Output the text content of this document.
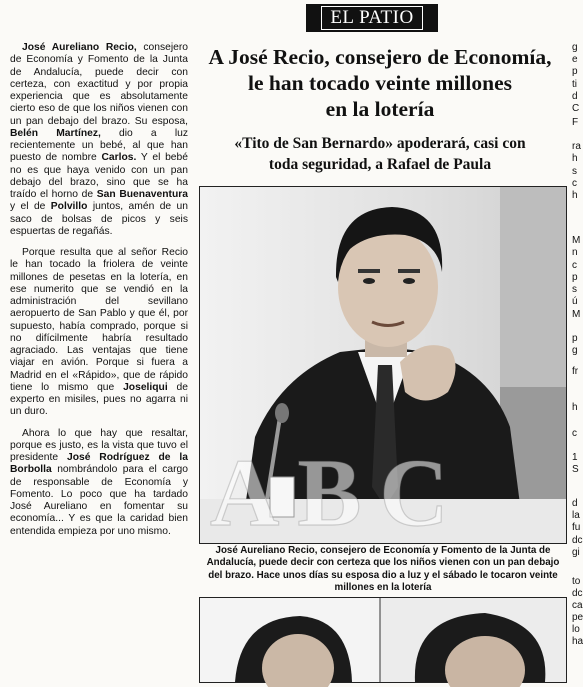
José Aureliano Recio, consejero de Economía y Fomento de la Junta de Andalucía, puede decir con certeza, con exactitud y por propia experiencia que es absolutamente cierto eso de que los niños vienen con un pan debajo del brazo. Su esposa, Belén Martínez, dio a luz recientemente un bebé, al que han puesto de nombre Carlos. Y el bebé no es que haya venido con un pan debajo del brazo, sino que se ha traído el horno de San Buenaventura y el de Polvillo juntos, amén de un saco de bolsas de picos y seis espuertas de regañás.

Porque resulta que al señor Recio le han tocado la friolera de veinte millones de pesetas en la lotería, en ese numerito que se vendió en la administración del sevillano aeropuerto de San Pablo y que él, por supuesto, había comprado, porque si no difícilmente habría resultado agraciado. Las ventajas que tiene viajar en avión. Porque si fuera a Madrid en el «Rápido», que de rápido tiene lo mismo que Joseliqui de experto en misiles, pues no agarra ni un duro.

Ahora lo que hay que resaltar, porque es justo, es la vista que tuvo el presidente José Rodríguez de la Borbolla nombrándolo para el cargo de responsable de Economía y Fomento. Lo poco que ha tardado José Aureliano en fomentar su economía... Y es que la caridad bien entendida empieza por uno mismo.

EL PATIO
A José Recio, consejero de Economía,
le han tocado veinte millones
en la lotería
«Tito de San Bernardo» apoderará, casi con
toda seguridad, a Rafael de Paula
ABC
José Aureliano Recio, consejero de Economía y Fomento de la Junta de Andalucía, puede decir con certeza que los niños vienen con un pan debajo del brazo. Hace unos días su esposa dio a luz y el sábado le tocaron veinte millones en la lotería
g
e
p
ti
d
C
F
ra
h
s
c
h
M
n
c
p
s
ú
M
p
g
fr
h
c
1
S
d
la
fu
dc
gi
to
dc
ca
pe
lo
ha
